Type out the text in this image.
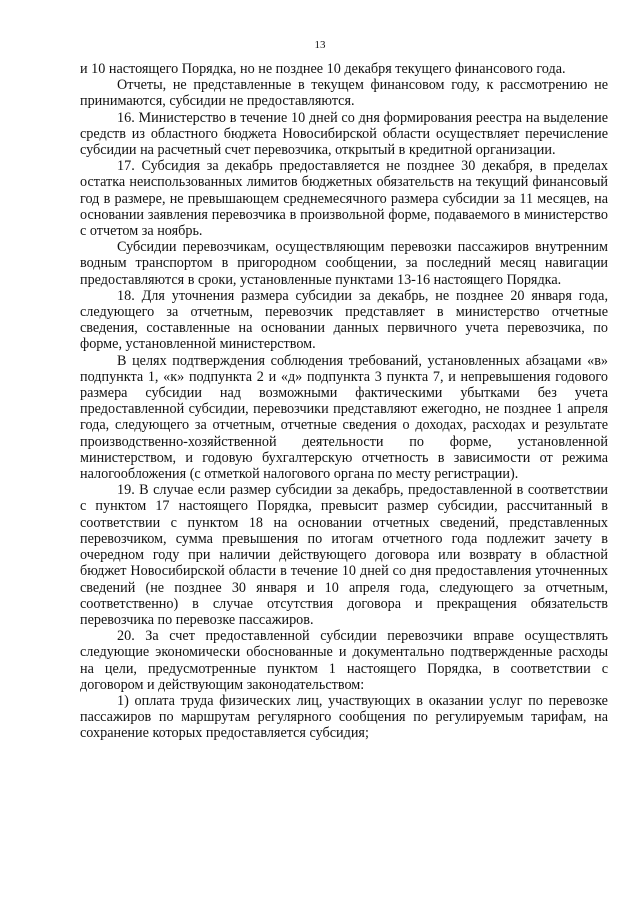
13

и 10 настоящего Порядка, но не позднее 10 декабря текущего финансового года.

Отчеты, не представленные в текущем финансовом году, к рассмотрению не принимаются, субсидии не предоставляются.

16. Министерство в течение 10 дней со дня формирования реестра на выделение средств из областного бюджета Новосибирской области осуществляет перечисление субсидии на расчетный счет перевозчика, открытый в кредитной организации.

17. Субсидия за декабрь предоставляется не позднее 30 декабря, в пределах остатка неиспользованных лимитов бюджетных обязательств на текущий финансовый год в размере, не превышающем среднемесячного размера субсидии за 11 месяцев, на основании заявления перевозчика в произвольной форме, подаваемого в министерство с отчетом за ноябрь.

Субсидии перевозчикам, осуществляющим перевозки пассажиров внутренним водным транспортом в пригородном сообщении, за последний месяц навигации предоставляются в сроки, установленные пунктами 13-16 настоящего Порядка.

18. Для уточнения размера субсидии за декабрь, не позднее 20 января года, следующего за отчетным, перевозчик представляет в министерство отчетные сведения, составленные на основании данных первичного учета перевозчика, по форме, установленной министерством.

В целях подтверждения соблюдения требований, установленных абзацами «в» подпункта 1, «к» подпункта 2 и «д» подпункта 3 пункта 7, и непревышения годового размера субсидии над возможными фактическими убытками без учета предоставленной субсидии, перевозчики представляют ежегодно, не позднее 1 апреля года, следующего за отчетным, отчетные сведения о доходах, расходах и результате производственно-хозяйственной деятельности по форме, установленной министерством, и годовую бухгалтерскую отчетность в зависимости от режима налогообложения (с отметкой налогового органа по месту регистрации).

19. В случае если размер субсидии за декабрь, предоставленной в соответствии с пунктом 17 настоящего Порядка, превысит размер субсидии, рассчитанный в соответствии с пунктом 18 на основании отчетных сведений, представленных перевозчиком, сумма превышения по итогам отчетного года подлежит зачету в очередном году при наличии действующего договора или возврату в областной бюджет Новосибирской области в течение 10 дней со дня предоставления уточненных сведений (не позднее 30 января и 10 апреля года, следующего за отчетным, соответственно) в случае отсутствия договора и прекращения обязательств перевозчика по перевозке пассажиров.

20. За счет предоставленной субсидии перевозчики вправе осуществлять следующие экономически обоснованные и документально подтвержденные расходы на цели, предусмотренные пунктом 1 настоящего Порядка, в соответствии с договором и действующим законодательством:

1) оплата труда физических лиц, участвующих в оказании услуг по перевозке пассажиров по маршрутам регулярного сообщения по регулируемым тарифам, на сохранение которых предоставляется субсидия;
